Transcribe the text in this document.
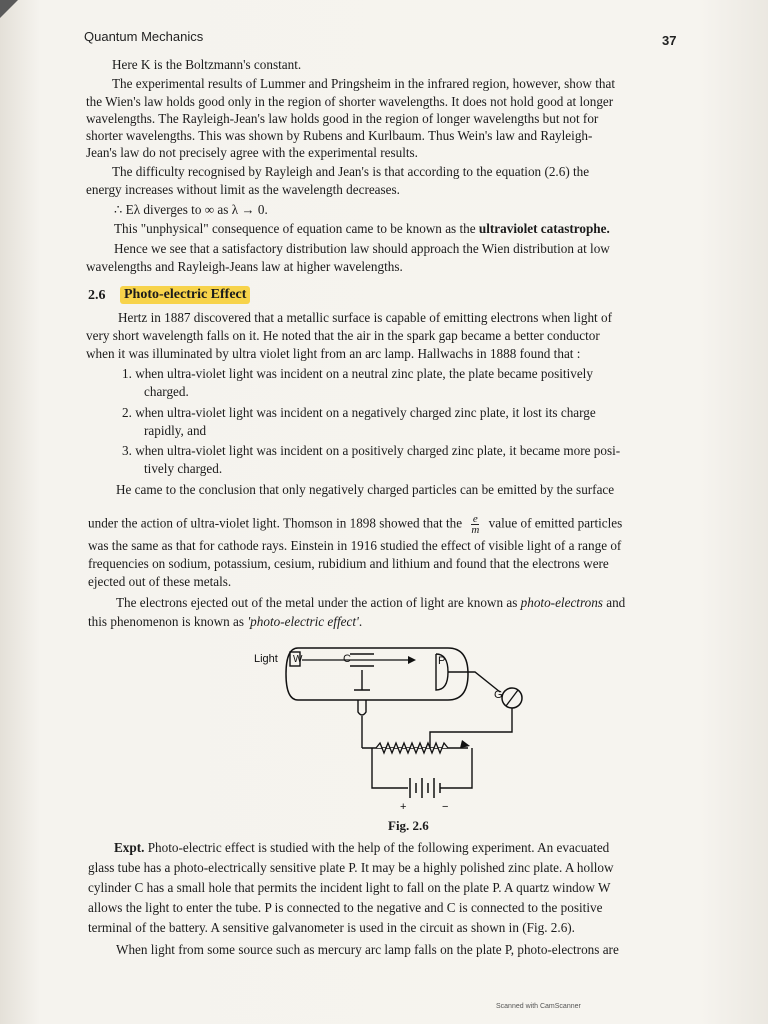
Quantum Mechanics	37
Here K is the Boltzmann's constant.
The experimental results of Lummer and Pringsheim in the infrared region, however, show that
the Wien's law holds good only in the region of shorter wavelengths. It does not hold good at longer
wavelengths. The Rayleigh-Jean's law holds good in the region of longer wavelengths but not for
shorter wavelengths. This was shown by Rubens and Kurlbaum. Thus Wein's law and Rayleigh-
Jean's law do not precisely agree with the experimental results.
The difficulty recognised by Rayleigh and Jean's is that according to the equation (2.6) the
energy increases without limit as the wavelength decreases.
∴ Eλ diverges to ∞ as λ → 0.
This "unphysical" consequence of equation came to be known as the ultraviolet catastrophe.
Hence we see that a satisfactory distribution law should approach the Wien distribution at low
wavelengths and Rayleigh-Jeans law at higher wavelengths.
2.6 Photo-electric Effect
Hertz in 1887 discovered that a metallic surface is capable of emitting electrons when light of
very short wavelength falls on it. He noted that the air in the spark gap became a better conductor
when it was illuminated by ultra violet light from an arc lamp. Hallwachs in 1888 found that :
1. when ultra-violet light was incident on a neutral zinc plate, the plate became positively
charged.
2. when ultra-violet light was incident on a negatively charged zinc plate, it lost its charge
rapidly, and
3. when ultra-violet light was incident on a positively charged zinc plate, it became more posi-
tively charged.
He came to the conclusion that only negatively charged particles can be emitted by the surface
under the action of ultra-violet light. Thomson in 1898 showed that the $\frac{e}{m}$ value of emitted particles
was the same as that for cathode rays. Einstein in 1916 studied the effect of visible light of a range of
frequencies on sodium, potassium, cesium, rubidium and lithium and found that the electrons were
ejected out of these metals.
The electrons ejected out of the metal under the action of light are known as photo-electrons and
this phenomenon is known as 'photo-electric effect'.
Light W	C	P
G
+	−
Fig. 2.6
Expt. Photo-electric effect is studied with the help of the following experiment. An evacuated
glass tube has a photo-electrically sensitive plate P. It may be a highly polished zinc plate. A hollow
cylinder C has a small hole that permits the incident light to fall on the plate P. A quartz window W
allows the light to enter the tube. P is connected to the negative and C is connected to the positive
terminal of the battery. A sensitive galvanometer is used in the circuit as shown in (Fig. 2.6).
When light from some source such as mercury arc lamp falls on the plate P, photo-electrons are
Scanned with CamScanner
